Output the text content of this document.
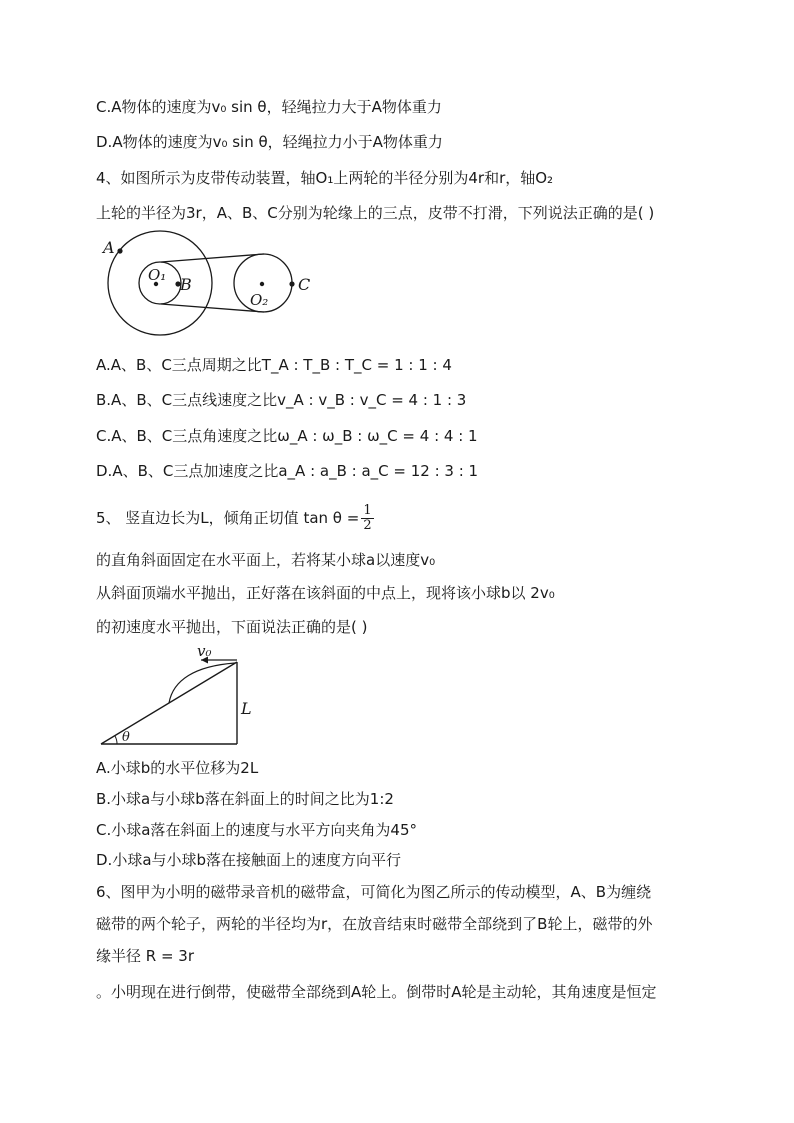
C.A物体的速度为v₀ sin θ，轻绳拉力大于A物体重力
D.A物体的速度为v₀ sin θ，轻绳拉力小于A物体重力
4、如图所示为皮带传动装置，轴O₁上两轮的半径分别为4r和r，轴O₂
上轮的半径为3r，A、B、C分别为轮缘上的三点，皮带不打滑，下列说法正确的是( )
A
O₁ B
O₂
C
A.A、B、C三点周期之比T_A : T_B : T_C = 1 : 1 : 4
B.A、B、C三点线速度之比v_A : v_B : v_C = 4 : 1 : 3
C.A、B、C三点角速度之比ω_A : ω_B : ω_C = 4 : 4 : 1
D.A、B、C三点加速度之比a_A : a_B : a_C = 12 : 3 : 1
5、 竖直边长为L，倾角正切值 $\tan \theta = \frac{1}{2}$
的直角斜面固定在水平面上，若将某小球a以速度v₀
从斜面顶端水平抛出，正好落在该斜面的中点上，现将该小球b以 2v₀
的初速度水平抛出，下面说法正确的是( )
v₀
L
θ
A.小球b的水平位移为2L
B.小球a与小球b落在斜面上的时间之比为1:2
C.小球a落在斜面上的速度与水平方向夹角为45°
D.小球a与小球b落在接触面上的速度方向平行
6、图甲为小明的磁带录音机的磁带盒，可简化为图乙所示的传动模型，A、B为缠绕
磁带的两个轮子，两轮的半径均为r，在放音结束时磁带全部绕到了B轮上，磁带的外
缘半径 R = 3r
。小明现在进行倒带，使磁带全部绕到A轮上。倒带时A轮是主动轮，其角速度是恒定
